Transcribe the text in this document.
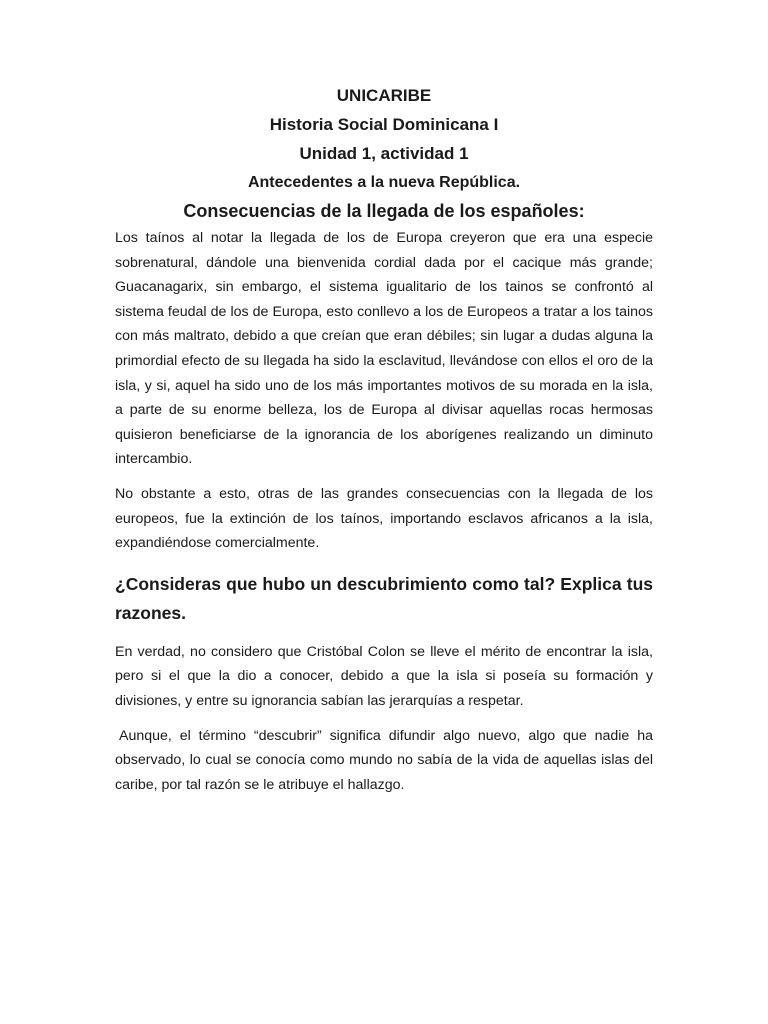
UNICARIBE
Historia Social Dominicana I
Unidad 1, actividad 1
Antecedentes a la nueva República.
Consecuencias de la llegada de los españoles:

Los taínos al notar la llegada de los de Europa creyeron que era una especie sobrenatural, dándole una bienvenida cordial dada por el cacique más grande; Guacanagarix, sin embargo, el sistema igualitario de los tainos se confrontó al sistema feudal de los de Europa, esto conllevo a los de Europeos a tratar a los tainos con más maltrato, debido a que creían que eran débiles; sin lugar a dudas alguna la primordial efecto de su llegada ha sido la esclavitud, llevándose con ellos el oro de la isla, y si, aquel ha sido uno de los más importantes motivos de su morada en la isla, a parte de su enorme belleza, los de Europa al divisar aquellas rocas hermosas quisieron beneficiarse de la ignorancia de los aborígenes realizando un diminuto intercambio.

No obstante a esto, otras de las grandes consecuencias con la llegada de los europeos, fue la extinción de los taínos, importando esclavos africanos a la isla, expandiéndose comercialmente.

¿Consideras que hubo un descubrimiento como tal? Explica tus razones.

En verdad, no considero que Cristóbal Colon se lleve el mérito de encontrar la isla, pero si el que la dio a conocer, debido a que la isla si poseía su formación y divisiones, y entre su ignorancia sabían las jerarquías a respetar.

Aunque, el término “descubrir” significa difundir algo nuevo, algo que nadie ha observado, lo cual se conocía como mundo no sabía de la vida de aquellas islas del caribe, por tal razón se le atribuye el hallazgo.
